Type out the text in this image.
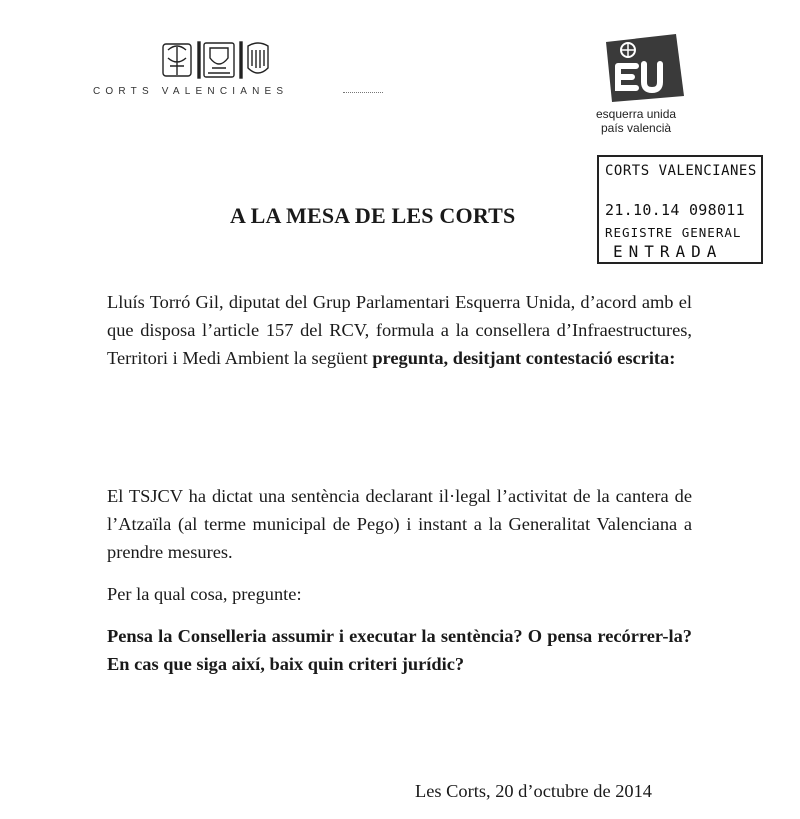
CORTS VALENCIANES
esquerra unida
país valencià
CORTS VALENCIANES
21.10.14 098011
REGISTRE GENERAL
ENTRADA
A LA MESA DE LES CORTS

Lluís Torró Gil, diputat del Grup Parlamentari Esquerra Unida, d’acord amb el que disposa l’article 157 del RCV, formula a la consellera d’Infraestructures, Territori i Medi Ambient la següent pregunta, desitjant contestació escrita:

El TSJCV ha dictat una sentència declarant il·legal l’activitat de la cantera de l’Atzaïla (al terme municipal de Pego) i instant a la Generalitat Valenciana a prendre mesures.

Per la qual cosa, pregunte:

Pensa la Conselleria assumir i executar la sentència? O pensa recórrer-la? En cas que siga així, baix quin criteri jurídic?

Les Corts, 20 d’octubre de 2014
